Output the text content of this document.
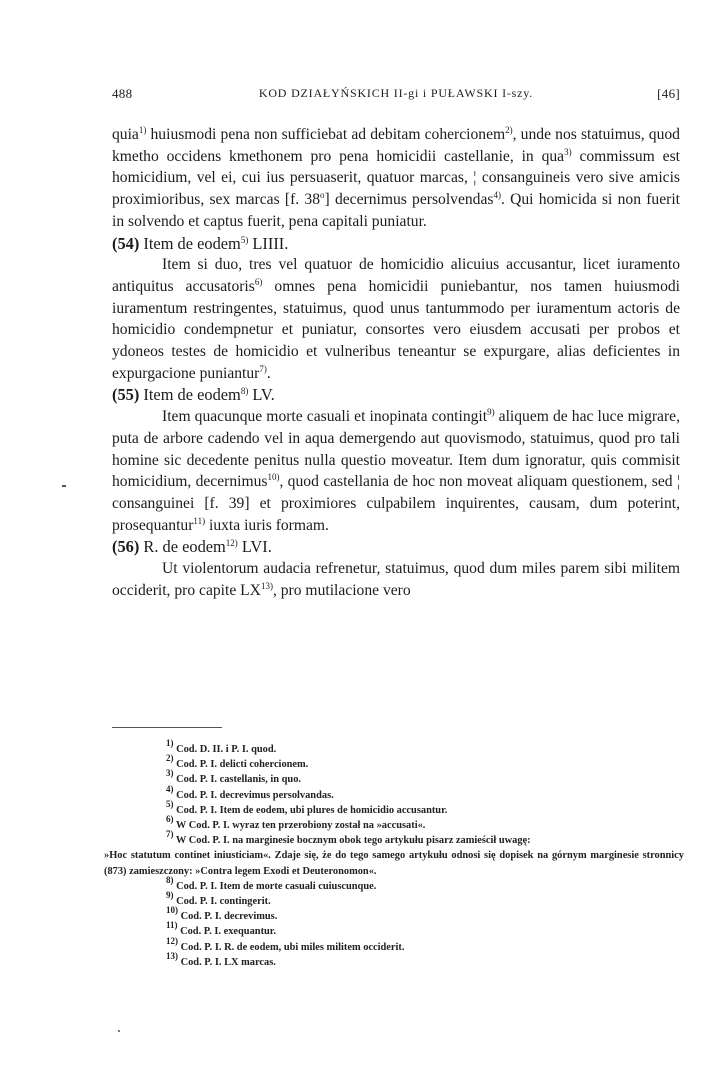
488	KOD DZIAŁYŃSKICH II-gi i PUŁAWSKI I-szy.	[46]

quia$^{1)}$ huiusmodi pena non sufficiebat ad debitam cohercionem$^{2)}$, unde nos statuimus, quod kmetho occidens kmethonem pro pena homicidii castellanie, in qua$^{3)}$ commissum est homicidium, vel ei, cui ius persuaserit, quatuor marcas, ¦ consanguineis vero sive amicis proximioribus, sex marcas [f. 38$^o$] decernimus persolvendas$^{4)}$. Qui homicida si non fuerit in solvendo et captus fuerit, pena capitali puniatur.

(54) Item de eodem$^{5)}$ LIIII.

Item si duo, tres vel quatuor de homicidio alicuius accusantur, licet iuramento antiquitus accusatoris$^{6)}$ omnes pena homicidii puniebantur, nos tamen huiusmodi iuramentum restringentes, statuimus, quod unus tantummodo per iuramentum actoris de homicidio condempnetur et puniatur, consortes vero eiusdem accusati per probos et ydoneos testes de homicidio et vulneribus teneantur se expurgare, alias deficientes in expurgacione puniantur$^{7)}$.

(55) Item de eodem$^{8)}$ LV.

Item quacunque morte casuali et inopinata contingit$^{9)}$ aliquem de hac luce migrare, puta de arbore cadendo vel in aqua demergendo aut quovismodo, statuimus, quod pro tali homine sic decedente penitus nulla questio moveatur. Item dum ignoratur, quis commisit homicidium, decernimus$^{10)}$, quod castellania de hoc non moveat aliquam questionem, sed ¦ consanguinei [f. 39] et proximiores culpabilem inquirentes, causam, dum poterint, prosequantur$^{11)}$ iuxta iuris formam.

(56) R. de eodem$^{12)}$ LVI.

Ut violentorum audacia refrenetur, statuimus, quod dum miles parem sibi militem occiderit, pro capite LX$^{13)}$, pro mutilacione vero

$^{1)}$ Cod. D. II. i P. I. quod.
$^{2)}$ Cod. P. I. delicti cohercionem.
$^{3)}$ Cod. P. I. castellanis, in quo.
$^{4)}$ Cod. P. I. decrevimus persolvandas.
$^{5)}$ Cod. P. I. Item de eodem, ubi plures de homicidio accusantur.
$^{6)}$ W Cod. P. I. wyraz ten przerobiony został na »accusati«.
$^{7)}$ W Cod. P. I. na marginesie bocznym obok tego artykułu pisarz zamieścił uwagę:
»Hoc statutum continet iniusticiam«. Zdaje się, że do tego samego artykułu odnosi się dopisek na górnym marginesie stronnicy (873) zamieszczony: »Contra legem Exodi et Deuteronomon«.
$^{8)}$ Cod. P. I. Item de morte casuali cuiuscunque.
$^{9)}$ Cod. P. I. contingerit.
$^{10)}$ Cod. P. I. decrevimus.
$^{11)}$ Cod. P. I. exequantur.
$^{12)}$ Cod. P. I. R. de eodem, ubi miles militem occiderit.
$^{13)}$ Cod. P. I. LX marcas.
